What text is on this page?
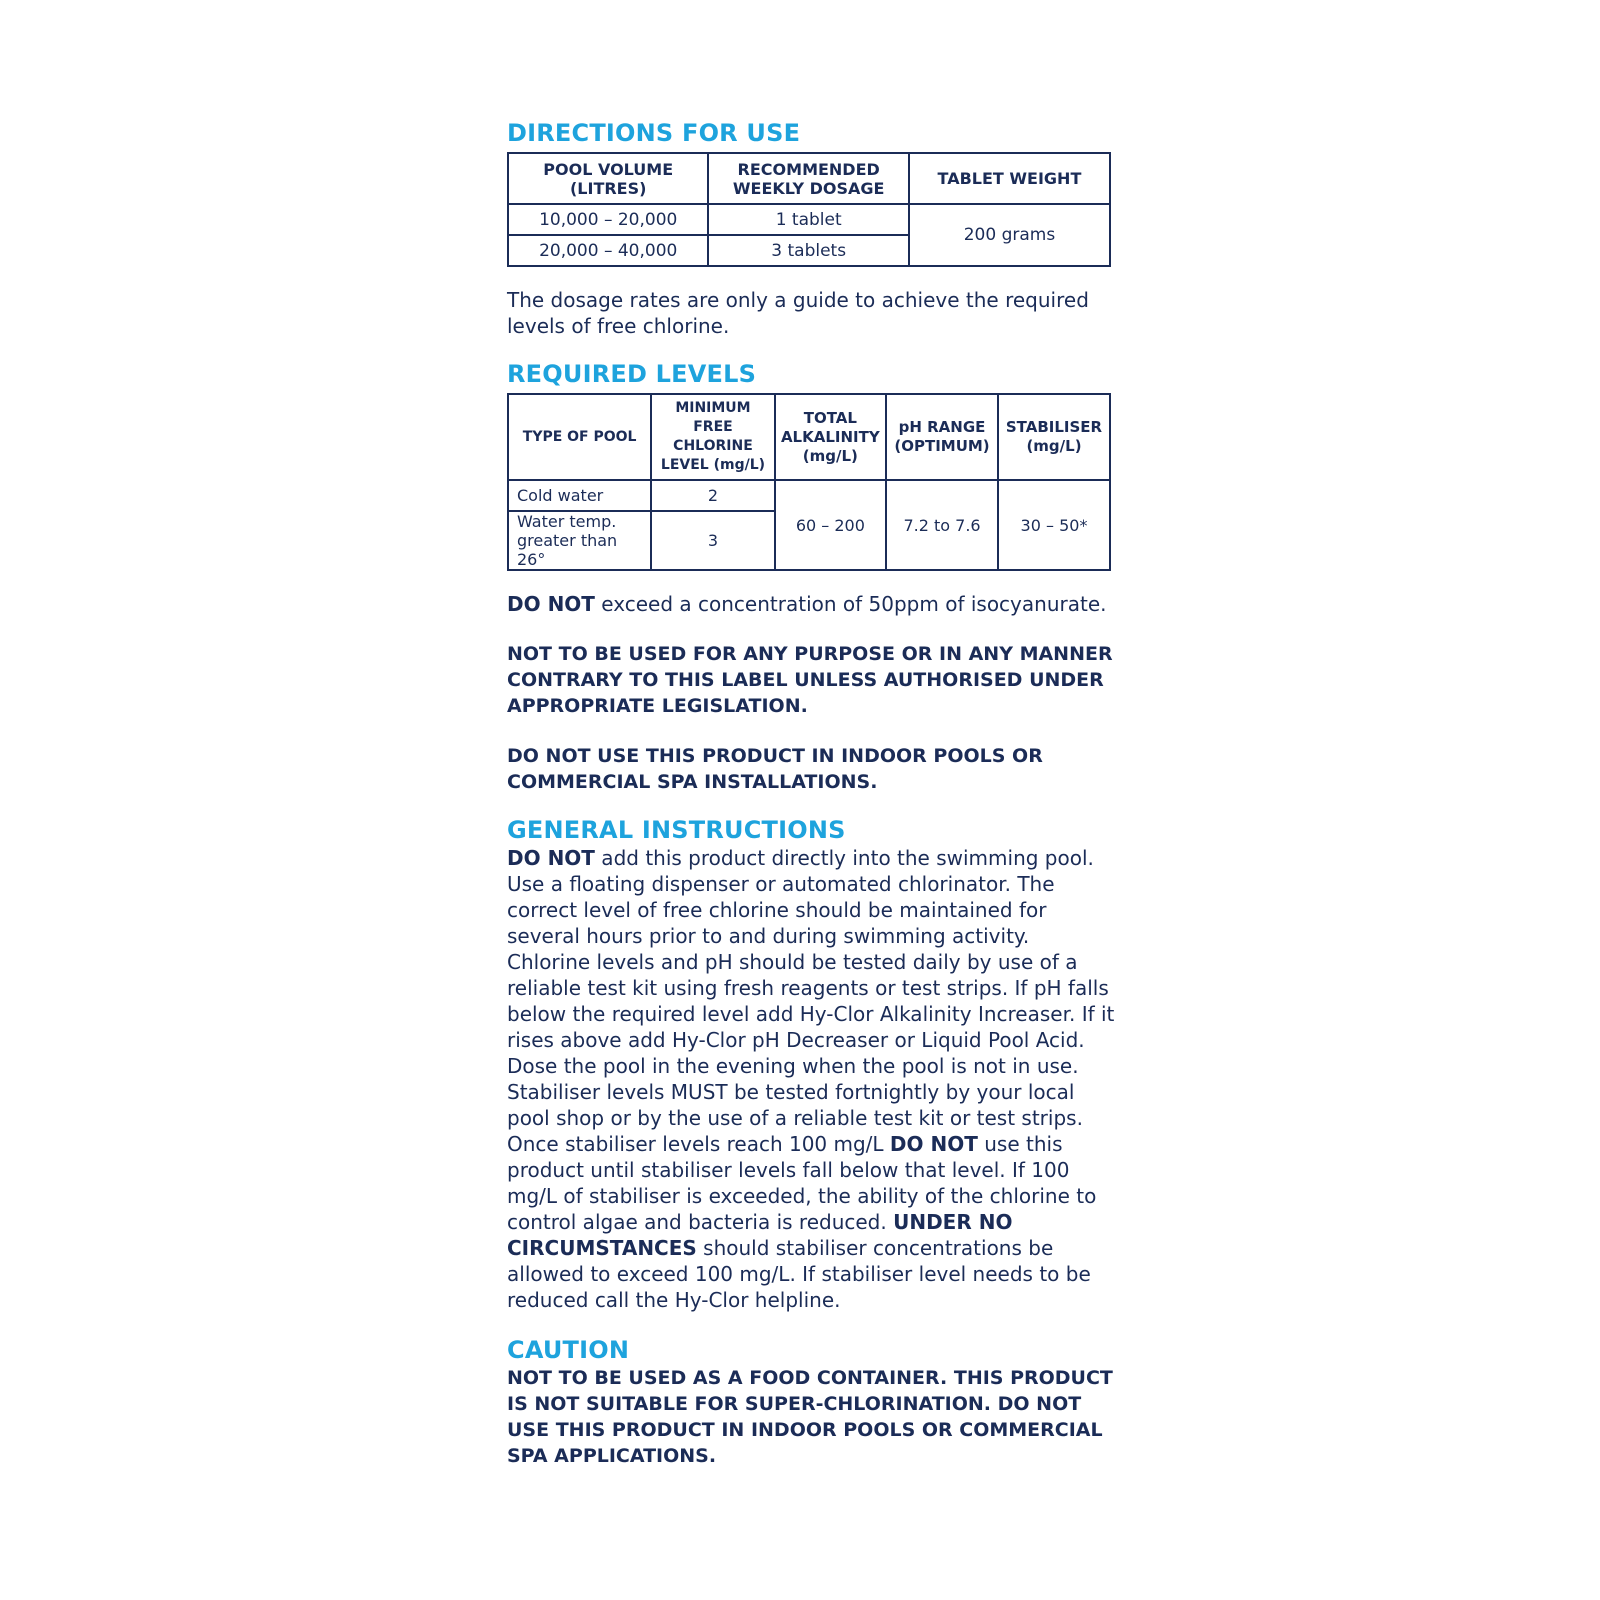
DIRECTIONS FOR USE
POOL VOLUME (LITRES)	RECOMMENDED WEEKLY DOSAGE	TABLET WEIGHT
10,000 – 20,000	1 tablet	200 grams
20,000 – 40,000	3 tablets	

The dosage rates are only a guide to achieve the required levels of free chlorine.

REQUIRED LEVELS
TYPE OF POOL	MINIMUM FREE CHLORINE LEVEL (mg/L)	TOTAL ALKALINITY (mg/L)	pH RANGE (OPTIMUM)	STABILISER (mg/L)
Cold water	2	60 – 200	7.2 to 7.6	30 – 50*
Water temp. greater than 26°	3			

DO NOT exceed a concentration of 50ppm of isocyanurate.

NOT TO BE USED FOR ANY PURPOSE OR IN ANY MANNER CONTRARY TO THIS LABEL UNLESS AUTHORISED UNDER APPROPRIATE LEGISLATION.

DO NOT USE THIS PRODUCT IN INDOOR POOLS OR COMMERCIAL SPA INSTALLATIONS.

GENERAL INSTRUCTIONS

DO NOT add this product directly into the swimming pool. Use a floating dispenser or automated chlorinator. The correct level of free chlorine should be maintained for several hours prior to and during swimming activity. Chlorine levels and pH should be tested daily by use of a reliable test kit using fresh reagents or test strips. If pH falls below the required level add Hy-Clor Alkalinity Increaser. If it rises above add Hy-Clor pH Decreaser or Liquid Pool Acid. Dose the pool in the evening when the pool is not in use. Stabiliser levels MUST be tested fortnightly by your local pool shop or by the use of a reliable test kit or test strips. Once stabiliser levels reach 100 mg/L DO NOT use this product until stabiliser levels fall below that level. If 100 mg/L of stabiliser is exceeded, the ability of the chlorine to control algae and bacteria is reduced. UNDER NO CIRCUMSTANCES should stabiliser concentrations be allowed to exceed 100 mg/L. If stabiliser level needs to be reduced call the Hy-Clor helpline.

CAUTION

NOT TO BE USED AS A FOOD CONTAINER. THIS PRODUCT IS NOT SUITABLE FOR SUPER-CHLORINATION. DO NOT USE THIS PRODUCT IN INDOOR POOLS OR COMMERCIAL SPA APPLICATIONS.
